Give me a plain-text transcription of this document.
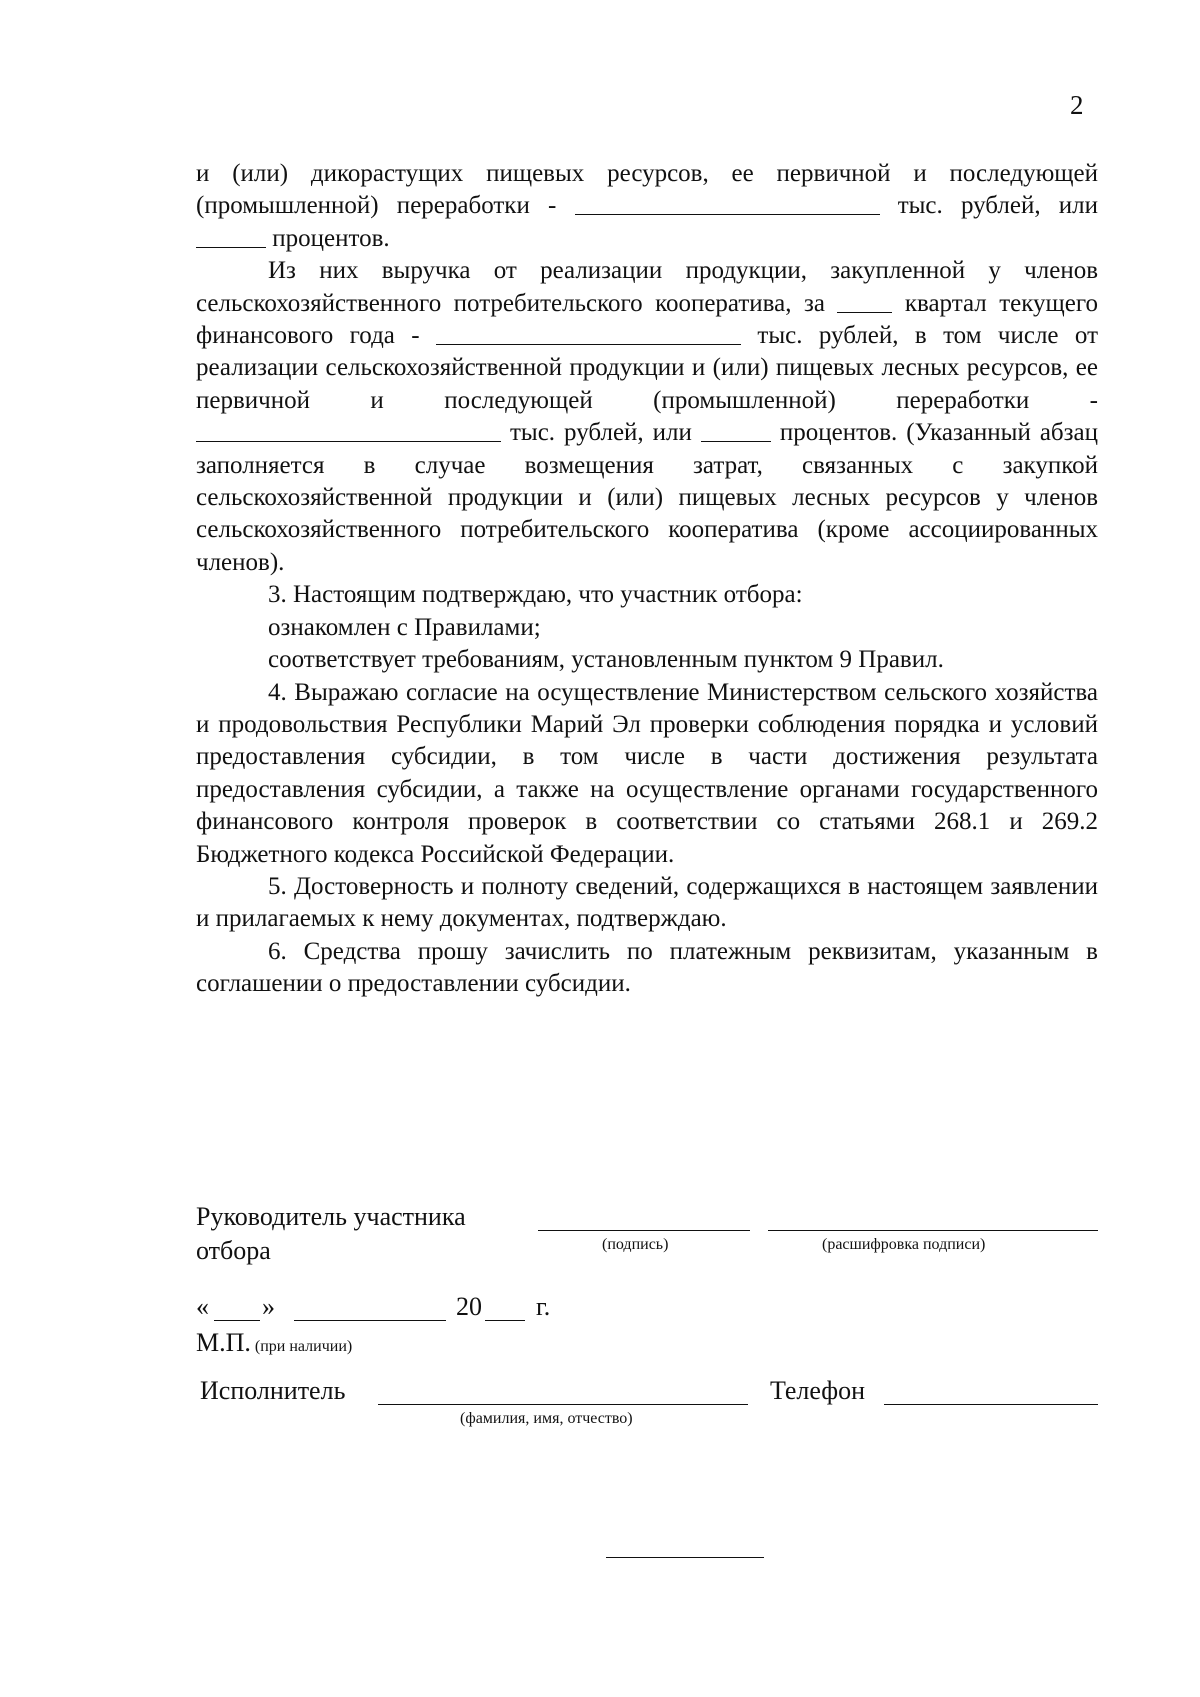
2

и (или) дикорастущих пищевых ресурсов, ее первичной и последующей (промышленной) переработки -	тыс. рублей, или  процентов.

Из них выручка от реализации продукции, закупленной у членов сельскохозяйственного потребительского кооператива, за  квартал текущего финансового года -	тыс. рублей, в том числе от реализации сельскохозяйственной продукции и (или) пищевых лесных ресурсов, ее первичной и последующей (промышленной) переработки -  тыс. рублей, или	процентов. (Указанный абзац заполняется в случае возмещения затрат, связанных с закупкой сельскохозяйственной продукции и (или) пищевых лесных ресурсов у членов сельскохозяйственного потребительского кооператива (кроме ассоциированных членов).

3. Настоящим подтверждаю, что участник отбора:

ознакомлен с Правилами;

соответствует требованиям, установленным пунктом 9 Правил.

4. Выражаю согласие на осуществление Министерством сельского хозяйства и продовольствия Республики Марий Эл проверки соблюдения порядка и условий предоставления субсидии, в том числе в части достижения результата предоставления субсидии, а также на осуществление органами государственного финансового контроля проверок в соответствии со статьями 268.1 и 269.2 Бюджетного кодекса Российской Федерации.

5. Достоверность и полноту сведений, содержащихся в настоящем заявлении и прилагаемых к нему документах, подтверждаю.

6. Средства прошу зачислить по платежным реквизитам, указанным в соглашении о предоставлении субсидии.

Руководитель участника
отбора	(подпись)	(расшифровка подписи)
« »	20 г.
М.П. (при наличии)
Исполнитель
(фамилия, имя, отчество)
Телефон
